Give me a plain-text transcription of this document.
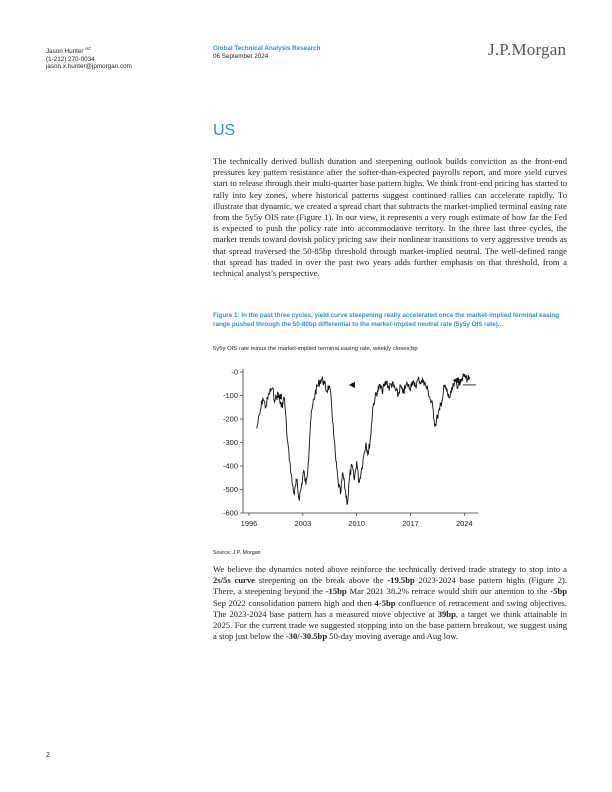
Jason Hunter $^{AC}$
(1-212) 270-0034
jason.x.hunter@jpmorgan.com
Global Technical Analysis Research
06 September 2024	J.P.Morgan
US
The technically derived bullish duration and steepening outlook builds conviction as the front-end pressures key pattern resistance after the softer-than-expected payrolls report, and more yield curves start to release through their multi-quarter base pattern highs. We think front-end pricing has started to rally into key zones, where historical patterns suggest continued rallies can accelerate rapidly. To illustrate that dynamic, we created a spread chart that subtracts the market-implied terminal easing rate from the 5y5y OIS rate (Figure 1). In our view, it represents a very rough estimate of how far the Fed is expected to push the policy rate into accommodative territory. In the three last three cycles, the market trends toward dovish policy pricing saw their nonlinear transitions to very aggressive trends as that spread traversed the 50-85bp threshold through market-implied neutral. The well-defined range that spread has traded in over the past two years adds further emphasis on that threshold, from a technical analyst’s perspective.
Figure 1: In the past three cycles, yield curve steepening really accelerated once the market-implied terminal easing range pushed through the 50-80bp differential to the market-implied neutral rate (5y5y OIS rate)...
5y5y OIS rate minus the market-implied terminal easing rate, weekly closes;bp
-0
-100
-200
-300
-400
-500
-600
1996	2003	2010	2017	2024
Source: J.P. Morgan
We believe the dynamics noted above reinforce the technically derived trade strategy to stop into a 2s/5s curve steepening on the break above the -19.5bp 2023-2024 base pattern highs (Figure 2). There, a steepening beyond the -15bp Mar 2021 38.2% retrace would shift our attention to the -5bp Sep 2022 consolidation pattern high and then 4-5bp confluence of retracement and swing objectives. The 2023-2024 base pattern has a measured move objective at 39bp, a target we think attainable in 2025. For the current trade we suggested stopping into on the base pattern breakout, we suggest using a stop just below the -30/-30.5bp 50-day moving average and Aug low.
2
